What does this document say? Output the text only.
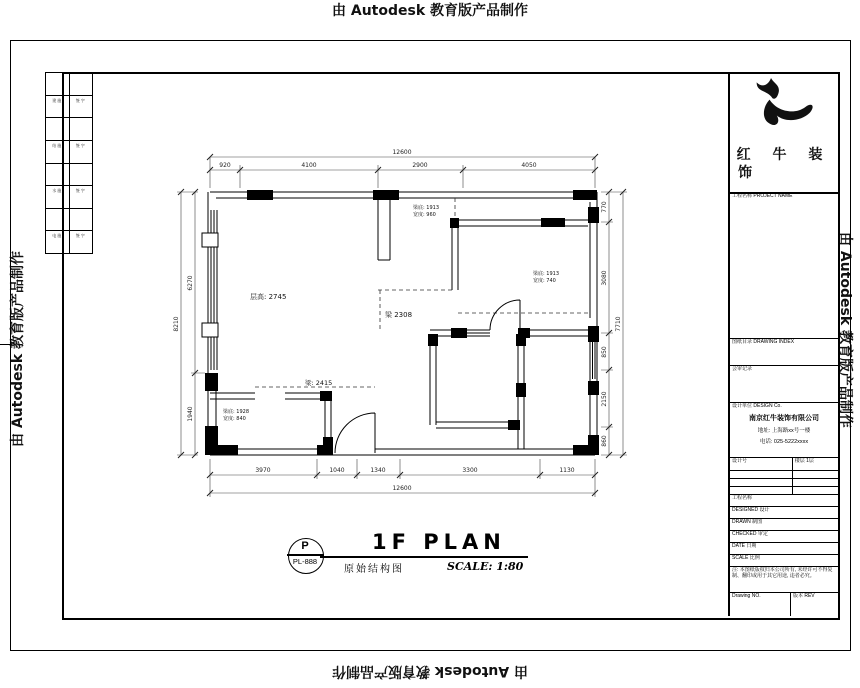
由 Autodesk 教育版产品制作
由 Autodesk 教育版产品制作
由 Autodesk 教育版产品制作	由 Autodesk 教育版产品制作
建施	签字
结施	签字
水施	签字
电施	签字
红 牛 装
饰
工程名称 PROJECT NAME
图纸目录 DRAWING INDEX
会审记录
设计单位 DESIGN Co.
南京红牛装饰有限公司
地址: 上海路xx号一楼
电话: 025-5222xxxx
设计号	楼层 1层
工程名称
DESIGNED 设计
DRAWN 制图
CHECKED 审定
DATE 日期
SCALE 比例
注: 本图纸版权归本公司所有, 未经许可不得复制、翻印或用于其它用途, 违者必究。
Drawing NO.	版本 REV
12600
920	4100	2900	4050
3970	1040	1340	3300	1130
12600
6270
1940
8210
770
3080
850
2150
860
7710
层高: 2745
梁 2308
梁: 2415
梁底: 1913
宽度: 960
梁底: 1913
宽度: 740
梁底: 1928
宽度: 840
P
PL-888
1F PLAN
原始结构图	SCALE: 1:80
